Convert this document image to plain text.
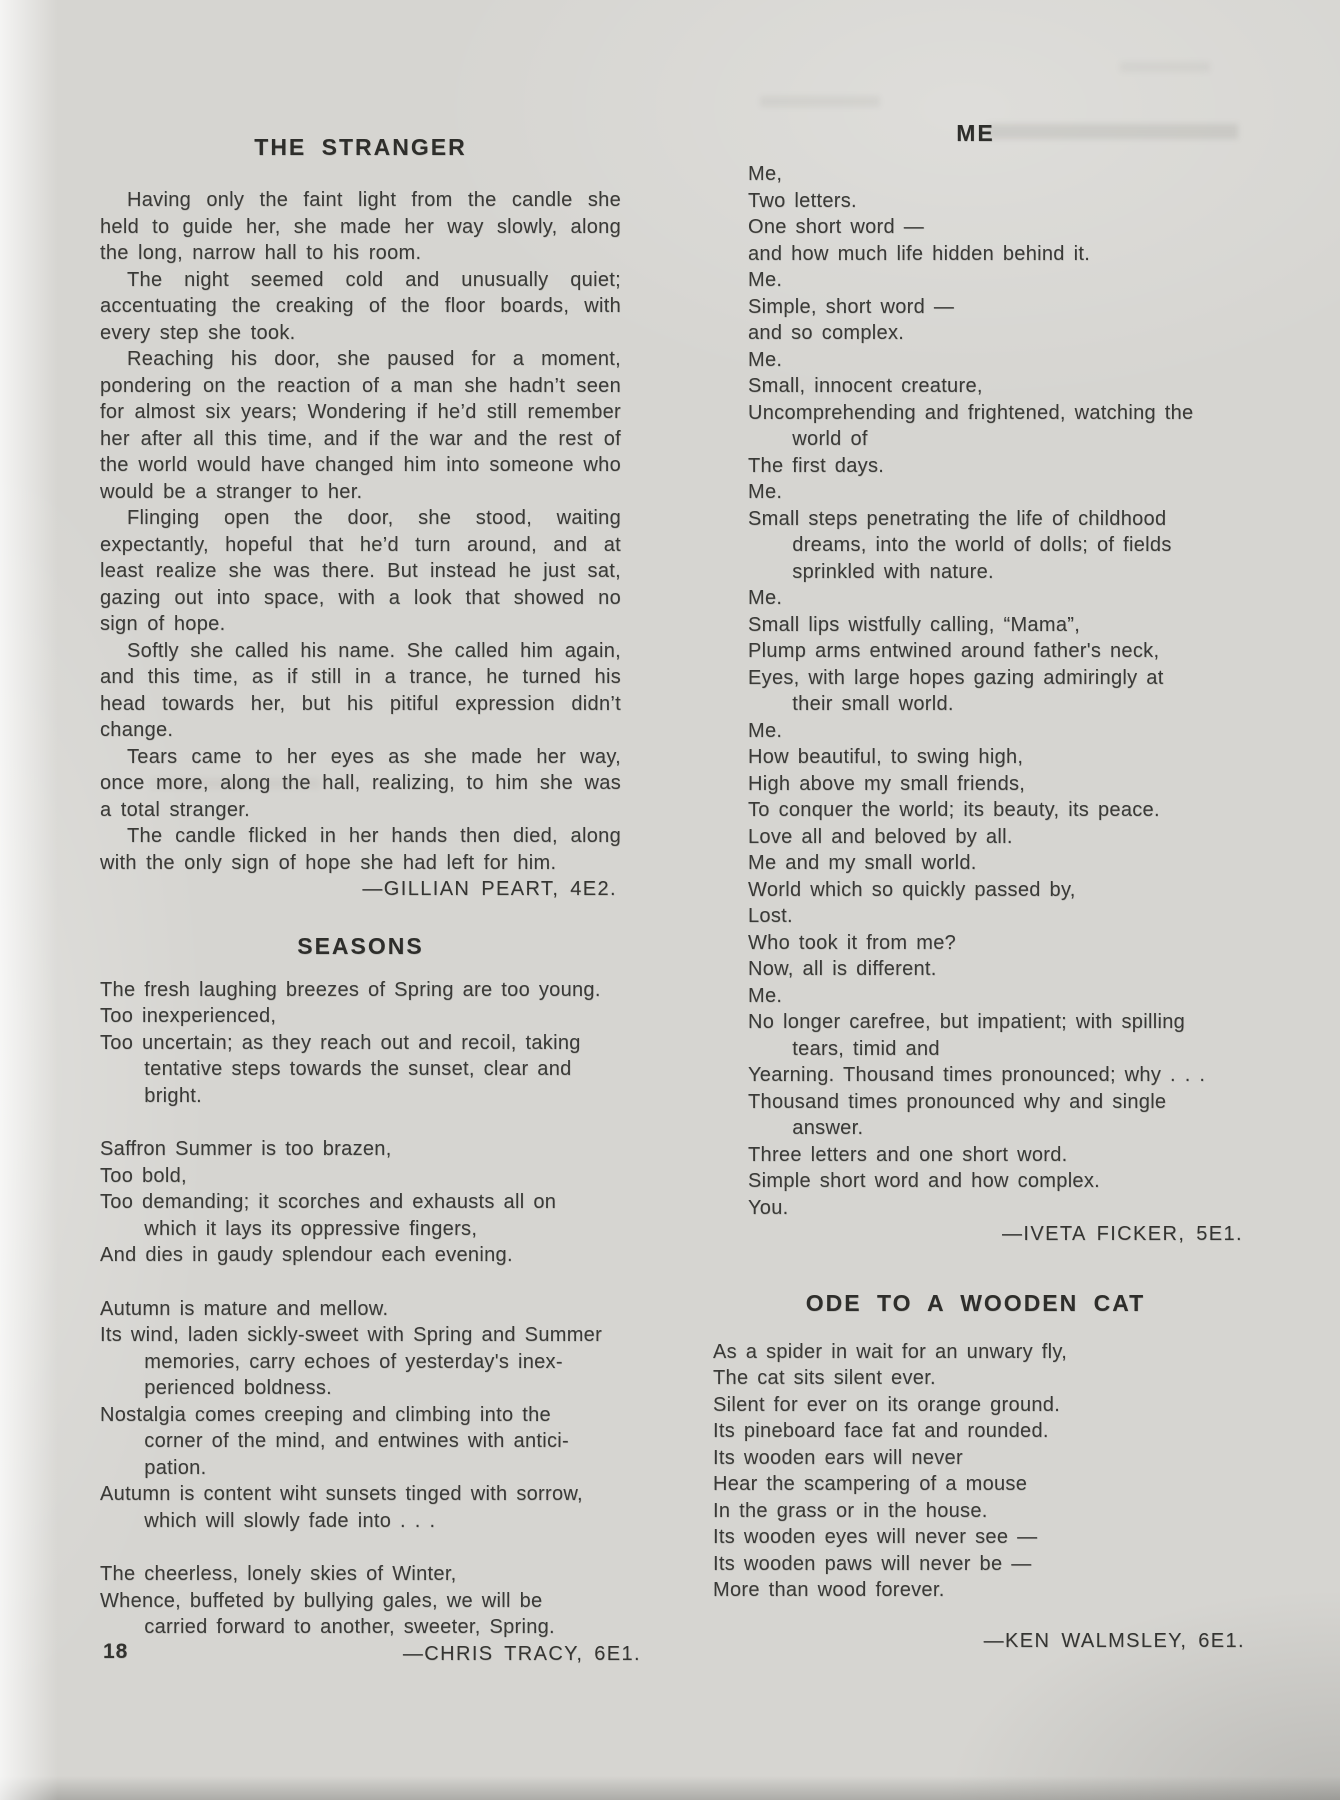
THE STRANGER

Having only the faint light from the candle she held to guide her, she made her way slowly, along the long, narrow hall to his room.

The night seemed cold and unusually quiet; accentuating the creaking of the floor boards, with every step she took.

Reaching his door, she paused for a moment, pondering on the reaction of a man she hadn’t seen for almost six years; Wondering if he’d still remember her after all this time, and if the war and the rest of the world would have changed him into someone who would be a stranger to her.

Flinging open the door, she stood, waiting expectantly, hopeful that he’d turn around, and at least realize she was there. But instead he just sat, gazing out into space, with a look that showed no sign of hope.

Softly she called his name. She called him again, and this time, as if still in a trance, he turned his head towards her, but his pitiful expression didn’t change.

Tears came to her eyes as she made her way, once more, along the hall, realizing, to him she was a total stranger.

The candle flicked in her hands then died, along with the only sign of hope she had left for him.

—GILLIAN PEART, 4E2.
SEASONS
The fresh laughing breezes of Spring are too young.
Too inexperienced,
Too uncertain; as they reach out and recoil, taking
tentative steps towards the sunset, clear and
bright.
Saffron Summer is too brazen,
Too bold,
Too demanding; it scorches and exhausts all on
which it lays its oppressive fingers,
And dies in gaudy splendour each evening.
Autumn is mature and mellow.
Its wind, laden sickly-sweet with Spring and Summer
memories, carry echoes of yesterday's inex-
perienced boldness.
Nostalgia comes creeping and climbing into the
corner of the mind, and entwines with antici-
pation.
Autumn is content wiht sunsets tinged with sorrow,
which will slowly fade into . . .
The cheerless, lonely skies of Winter,
Whence, buffeted by bullying gales, we will be
carried forward to another, sweeter, Spring.
—CHRIS TRACY, 6E1.
ME
Me,
Two letters.
One short word —
and how much life hidden behind it.
Me.
Simple, short word —
and so complex.
Me.
Small, innocent creature,
Uncomprehending and frightened, watching the
world of
The first days.
Me.
Small steps penetrating the life of childhood
dreams, into the world of dolls; of fields
sprinkled with nature.
Me.
Small lips wistfully calling, “Mama”,
Plump arms entwined around father's neck,
Eyes, with large hopes gazing admiringly at
their small world.
Me.
How beautiful, to swing high,
High above my small friends,
To conquer the world; its beauty, its peace.
Love all and beloved by all.
Me and my small world.
World which so quickly passed by,
Lost.
Who took it from me?
Now, all is different.
Me.
No longer carefree, but impatient; with spilling
tears, timid and
Yearning. Thousand times pronounced; why . . .
Thousand times pronounced why and single
answer.
Three letters and one short word.
Simple short word and how complex.
You.
—IVETA FICKER, 5E1.
ODE TO A WOODEN CAT
As a spider in wait for an unwary fly,
The cat sits silent ever.
Silent for ever on its orange ground.
Its pineboard face fat and rounded.
Its wooden ears will never
Hear the scampering of a mouse
In the grass or in the house.
Its wooden eyes will never see —
Its wooden paws will never be —
More than wood forever.
—KEN WALMSLEY, 6E1.
18
